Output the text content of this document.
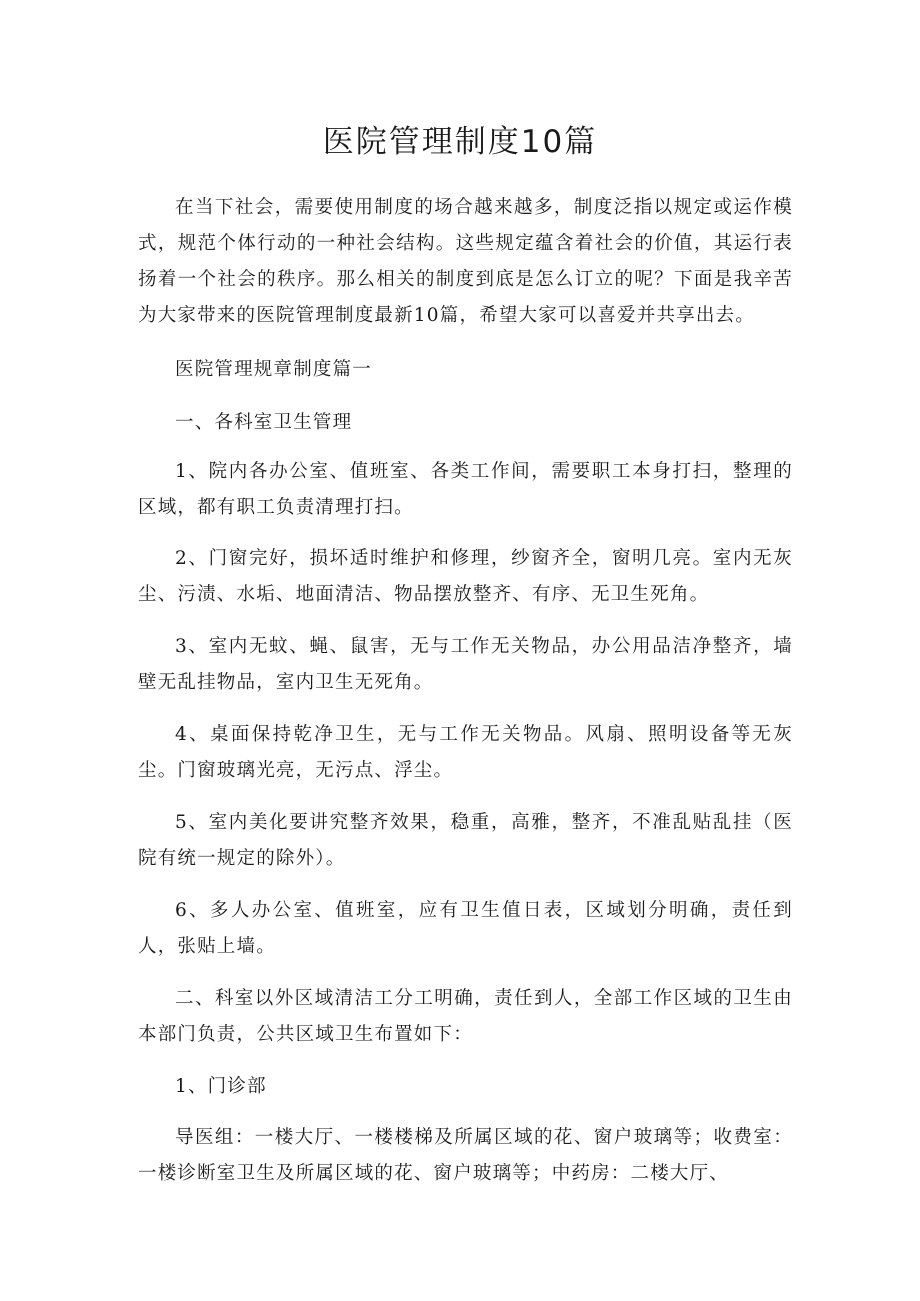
医院管理制度10篇

在当下社会，需要使用制度的场合越来越多，制度泛指以规定或运作模式，规范个体行动的一种社会结构。这些规定蕴含着社会的价值，其运行表扬着一个社会的秩序。那么相关的制度到底是怎么订立的呢？下面是我辛苦为大家带来的医院管理制度最新10篇，希望大家可以喜爱并共享出去。

医院管理规章制度篇一

一、各科室卫生管理

1、院内各办公室、值班室、各类工作间，需要职工本身打扫，整理的区域，都有职工负责清理打扫。

2、门窗完好，损坏适时维护和修理，纱窗齐全，窗明几亮。室内无灰尘、污渍、水垢、地面清洁、物品摆放整齐、有序、无卫生死角。

3、室内无蚊、蝇、鼠害，无与工作无关物品，办公用品洁净整齐，墙壁无乱挂物品，室内卫生无死角。

4、桌面保持乾净卫生，无与工作无关物品。风扇、照明设备等无灰尘。门窗玻璃光亮，无污点、浮尘。

5、室内美化要讲究整齐效果，稳重，高雅，整齐，不准乱贴乱挂（医院有统一规定的除外）。

6、多人办公室、值班室，应有卫生值日表，区域划分明确，责任到人，张贴上墙。

二、科室以外区域清洁工分工明确，责任到人，全部工作区域的卫生由本部门负责，公共区域卫生布置如下：

1、门诊部

导医组：一楼大厅、一楼楼梯及所属区域的花、窗户玻璃等；收费室：一楼诊断室卫生及所属区域的花、窗户玻璃等；中药房：二楼大厅、
